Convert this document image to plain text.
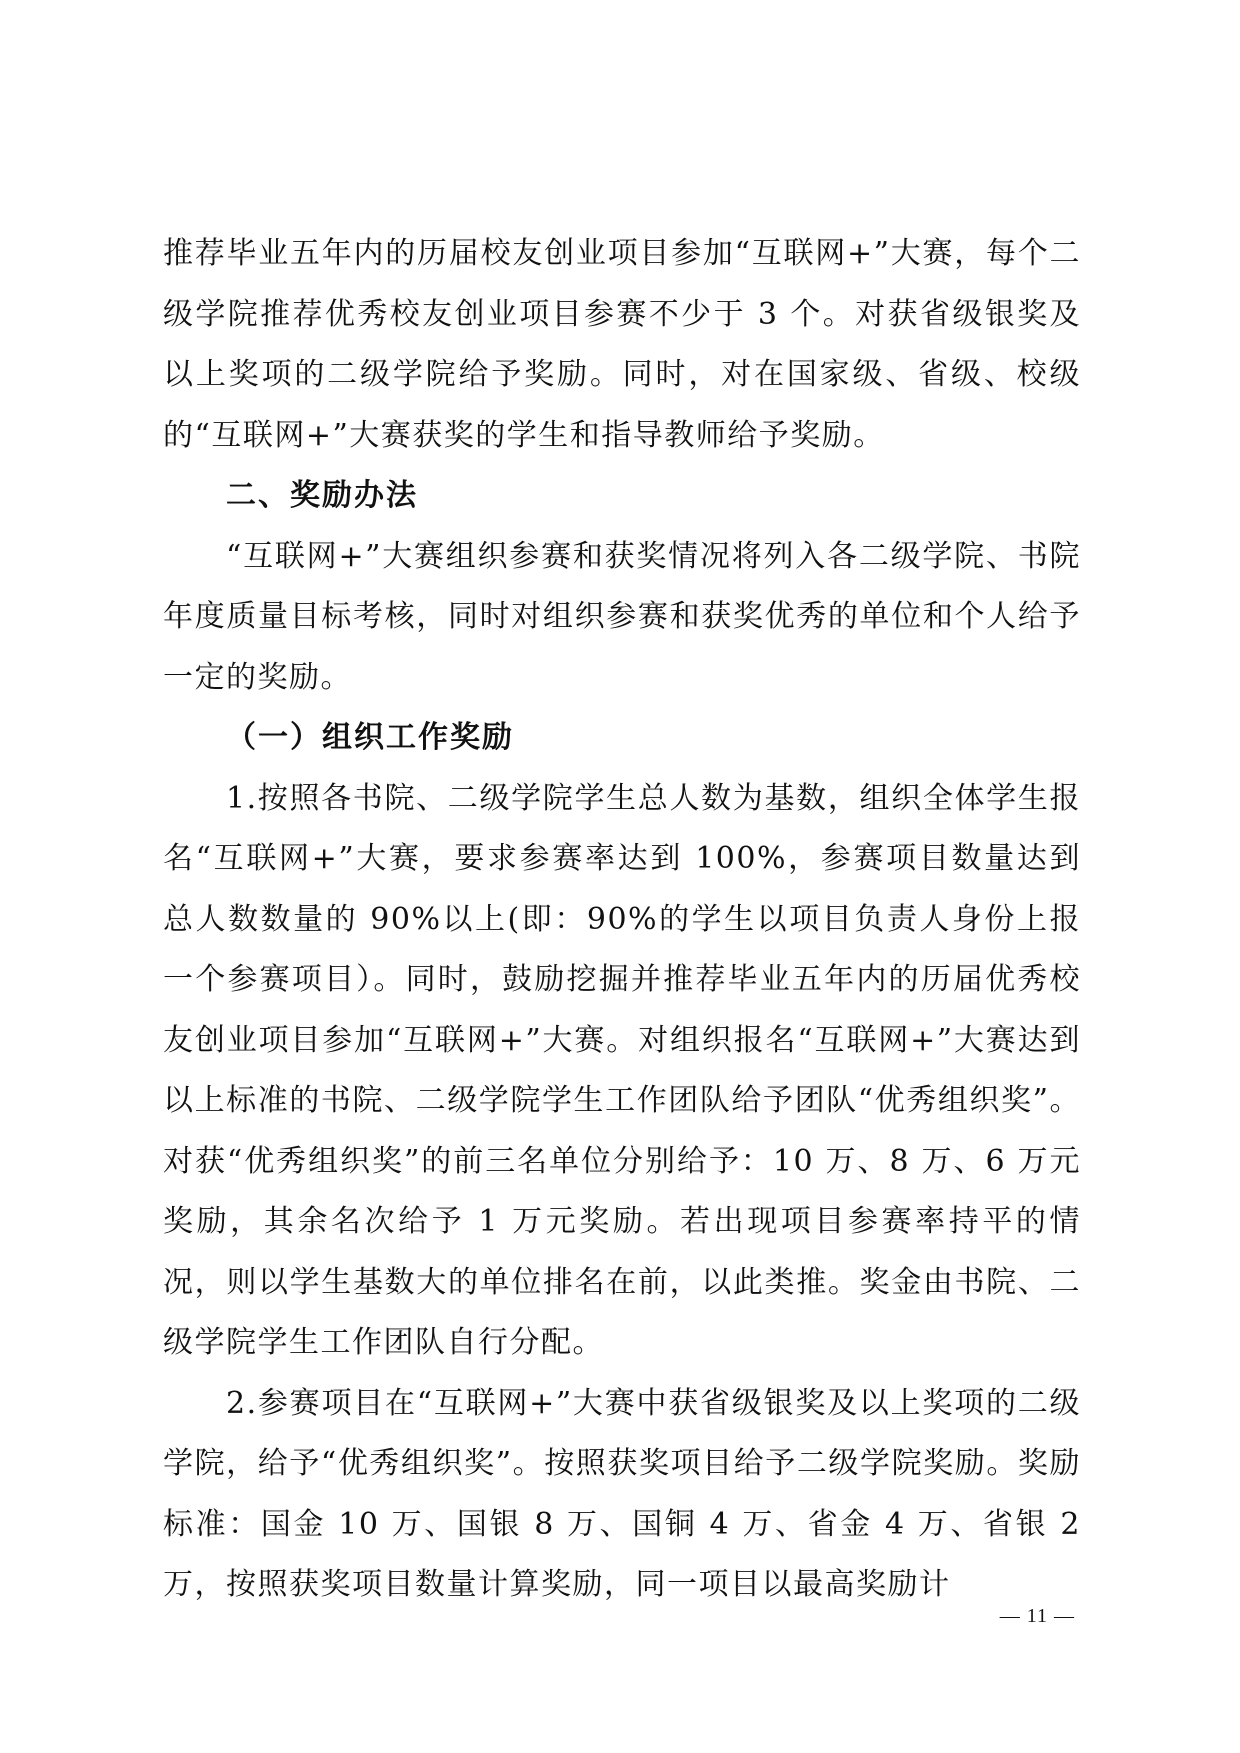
推荐毕业五年内的历届校友创业项目参加“互联网+”大赛，每个二级学院推荐优秀校友创业项目参赛不少于 3 个。对获省级银奖及以上奖项的二级学院给予奖励。同时，对在国家级、省级、校级的“互联网+”大赛获奖的学生和指导教师给予奖励。

二、奖励办法

“互联网+”大赛组织参赛和获奖情况将列入各二级学院、书院年度质量目标考核，同时对组织参赛和获奖优秀的单位和个人给予一定的奖励。

（一）组织工作奖励

1.按照各书院、二级学院学生总人数为基数，组织全体学生报名“互联网+”大赛，要求参赛率达到 100%，参赛项目数量达到总人数数量的 90%以上(即：90%的学生以项目负责人身份上报一个参赛项目）。同时，鼓励挖掘并推荐毕业五年内的历届优秀校友创业项目参加“互联网+”大赛。对组织报名“互联网+”大赛达到以上标准的书院、二级学院学生工作团队给予团队“优秀组织奖”。对获“优秀组织奖”的前三名单位分别给予：10 万、8 万、6 万元奖励，其余名次给予 1 万元奖励。若出现项目参赛率持平的情况，则以学生基数大的单位排名在前，以此类推。奖金由书院、二级学院学生工作团队自行分配。

2.参赛项目在“互联网+”大赛中获省级银奖及以上奖项的二级学院，给予“优秀组织奖”。按照获奖项目给予二级学院奖励。奖励标准：国金 10 万、国银 8 万、国铜 4 万、省金 4 万、省银 2 万，按照获奖项目数量计算奖励，同一项目以最高奖励计

— 11 —
